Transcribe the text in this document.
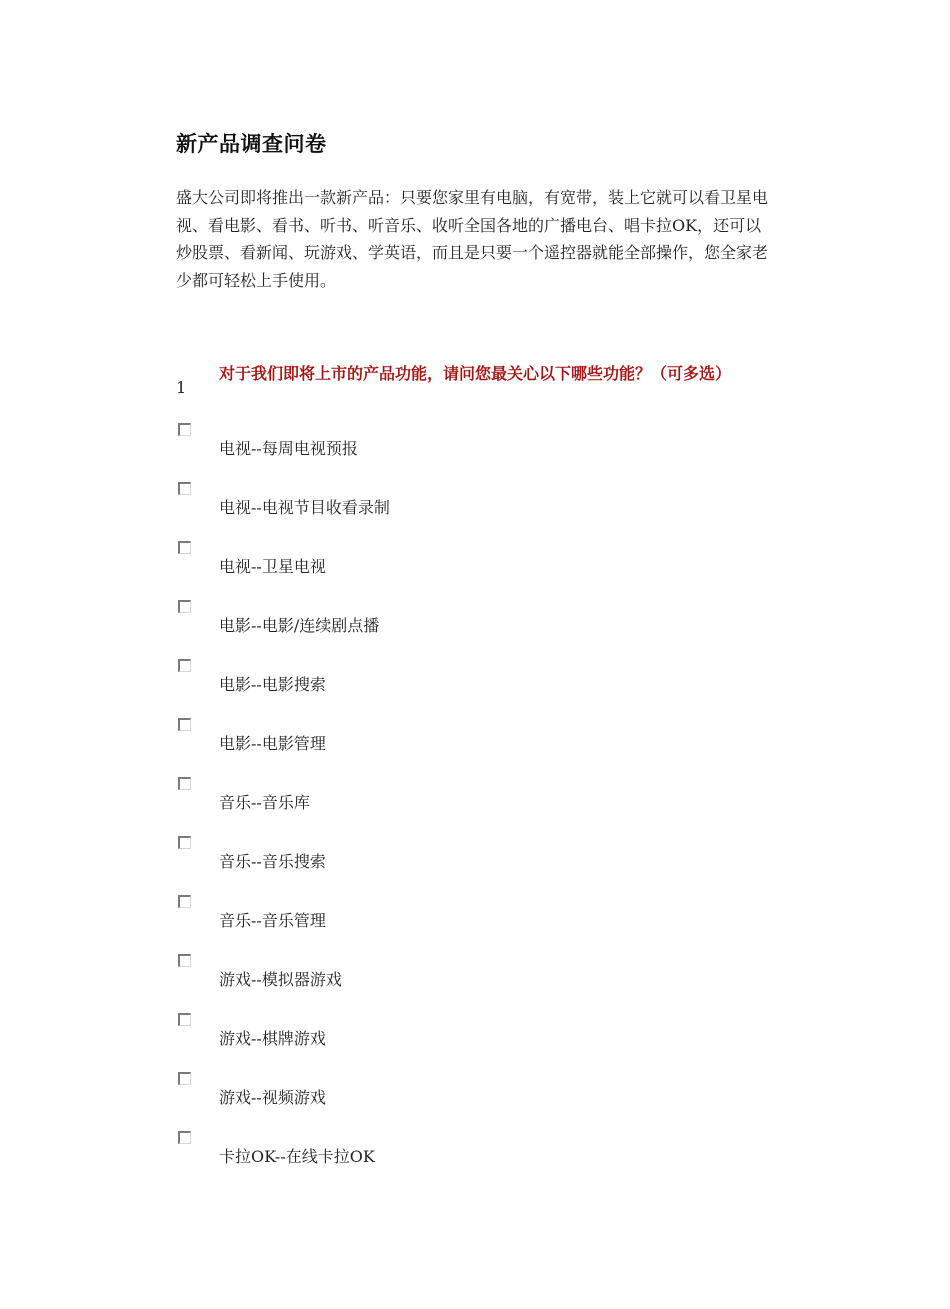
新产品调查问卷

盛大公司即将推出一款新产品：只要您家里有电脑，有宽带，装上它就可以看卫星电视、看电影、看书、听书、听音乐、收听全国各地的广播电台、唱卡拉OK，还可以炒股票、看新闻、玩游戏、学英语，而且是只要一个遥控器就能全部操作，您全家老少都可轻松上手使用。

1

对于我们即将上市的产品功能，请问您最关心以下哪些功能？（可多选）

电视--每周电视预报
电视--电视节目收看录制
电视--卫星电视
电影--电影/连续剧点播
电影--电影搜索
电影--电影管理
音乐--音乐库
音乐--音乐搜索
音乐--音乐管理
游戏--模拟器游戏
游戏--棋牌游戏
游戏--视频游戏
卡拉OK--在线卡拉OK
